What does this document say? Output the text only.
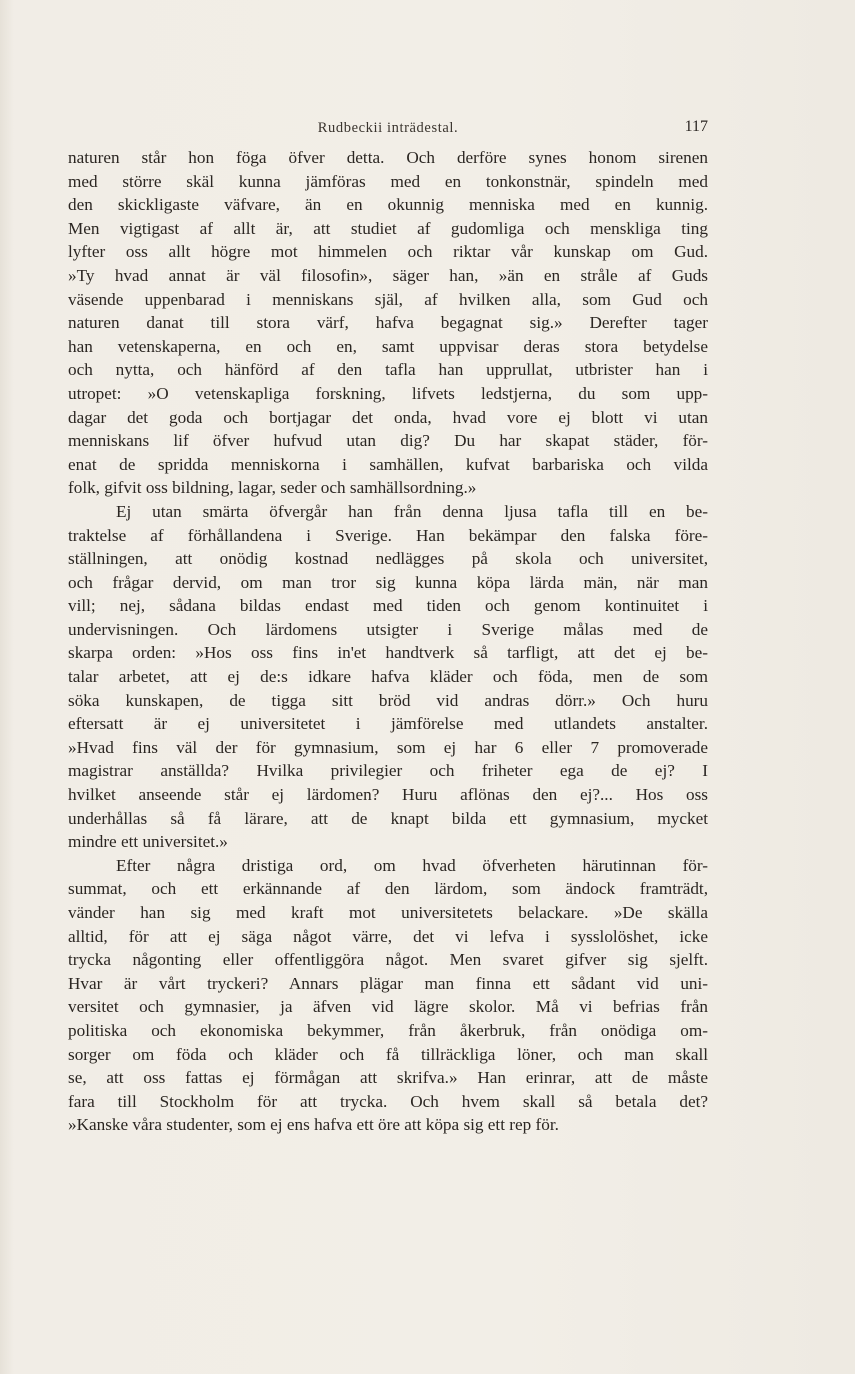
Rudbeckii inträdestal.	117
naturen står hon föga öfver detta. Och derföre synes honom sirenen
med större skäl kunna jämföras med en tonkonstnär, spindeln med
den skickligaste väfvare, än en okunnig menniska med en kunnig.
Men vigtigast af allt är, att studiet af gudomliga och menskliga ting
lyfter oss allt högre mot himmelen och riktar vår kunskap om Gud.
»Ty hvad annat är väl filosofin», säger han, »än en stråle af Guds
väsende uppenbarad i menniskans själ, af hvilken alla, som Gud och
naturen danat till stora värf, hafva begagnat sig.» Derefter tager
han vetenskaperna, en och en, samt uppvisar deras stora betydelse
och nytta, och hänförd af den tafla han upprullat, utbrister han i
utropet: »O vetenskapliga forskning, lifvets ledstjerna, du som upp-
dagar det goda och bortjagar det onda, hvad vore ej blott vi utan
menniskans lif öfver hufvud utan dig? Du har skapat städer, för-
enat de spridda menniskorna i samhällen, kufvat barbariska och vilda
folk, gifvit oss bildning, lagar, seder och samhällsordning.»
Ej utan smärta öfvergår han från denna ljusa tafla till en be-
traktelse af förhållandena i Sverige. Han bekämpar den falska före-
ställningen, att onödig kostnad nedlägges på skola och universitet,
och frågar dervid, om man tror sig kunna köpa lärda män, när man
vill; nej, sådana bildas endast med tiden och genom kontinuitet i
undervisningen. Och lärdomens utsigter i Sverige målas med de
skarpa orden: »Hos oss fins in'et handtverk så tarfligt, att det ej be-
talar arbetet, att ej de:s idkare hafva kläder och föda, men de som
söka kunskapen, de tigga sitt bröd vid andras dörr.» Och huru
eftersatt är ej universitetet i jämförelse med utlandets anstalter.
»Hvad fins väl der för gymnasium, som ej har 6 eller 7 promoverade
magistrar anställda? Hvilka privilegier och friheter ega de ej? I
hvilket anseende står ej lärdomen? Huru aflönas den ej?... Hos oss
underhållas så få lärare, att de knapt bilda ett gymnasium, mycket
mindre ett universitet.»
Efter några dristiga ord, om hvad öfverheten härutinnan för-
summat, och ett erkännande af den lärdom, som ändock framträdt,
vänder han sig med kraft mot universitetets belackare. »De skälla
alltid, för att ej säga något värre, det vi lefva i sysslolöshet, icke
trycka någonting eller offentliggöra något. Men svaret gifver sig sjelft.
Hvar är vårt tryckeri? Annars plägar man finna ett sådant vid uni-
versitet och gymnasier, ja äfven vid lägre skolor. Må vi befrias från
politiska och ekonomiska bekymmer, från åkerbruk, från onödiga om-
sorger om föda och kläder och få tillräckliga löner, och man skall
se, att oss fattas ej förmågan att skrifva.» Han erinrar, att de måste
fara till Stockholm för att trycka. Och hvem skall så betala det?
»Kanske våra studenter, som ej ens hafva ett öre att köpa sig ett rep för.
